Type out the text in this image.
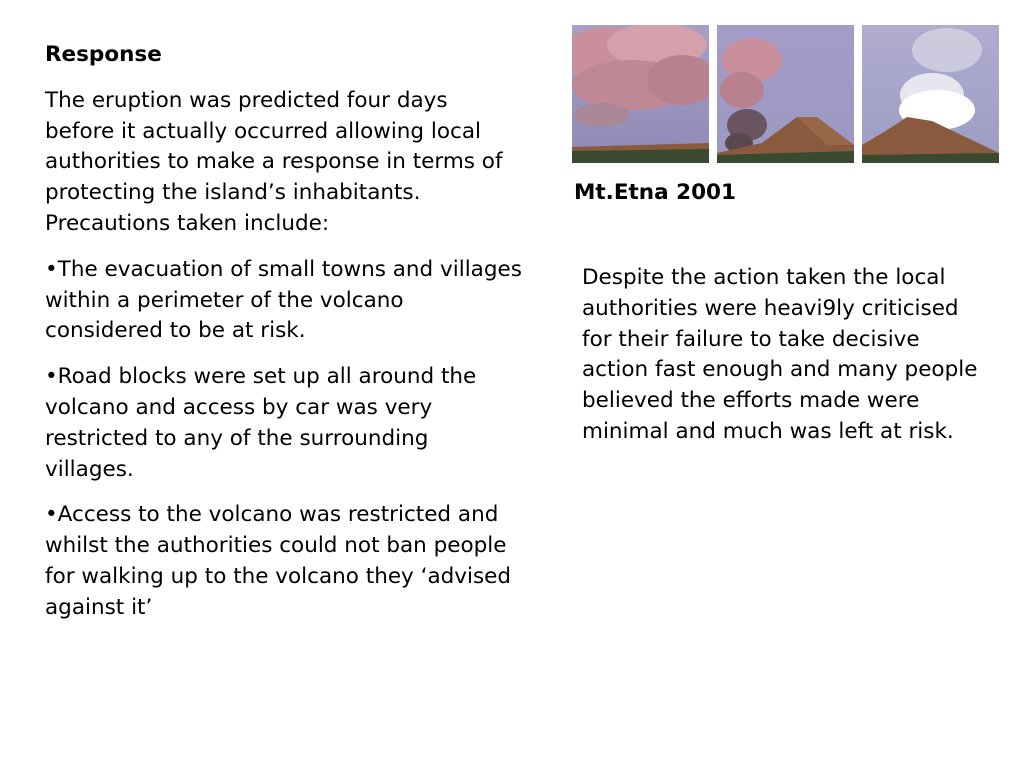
Response

The eruption was predicted four days before it actually occurred allowing local authorities to make a response in terms of protecting the island’s inhabitants. Precautions taken include:

•The evacuation of small towns and villages within a perimeter of the volcano considered to be at risk.

•Road blocks were set up all around the volcano and access by car was very restricted to any of the surrounding villages.

•Access to the volcano was restricted and whilst the authorities could not ban people for walking up to the volcano they ‘advised against it’

Mt.Etna 2001
Despite the action taken the local authorities were heavi9ly criticised for their failure to take decisive action fast enough and many people believed the efforts made were minimal and much was left at risk.
